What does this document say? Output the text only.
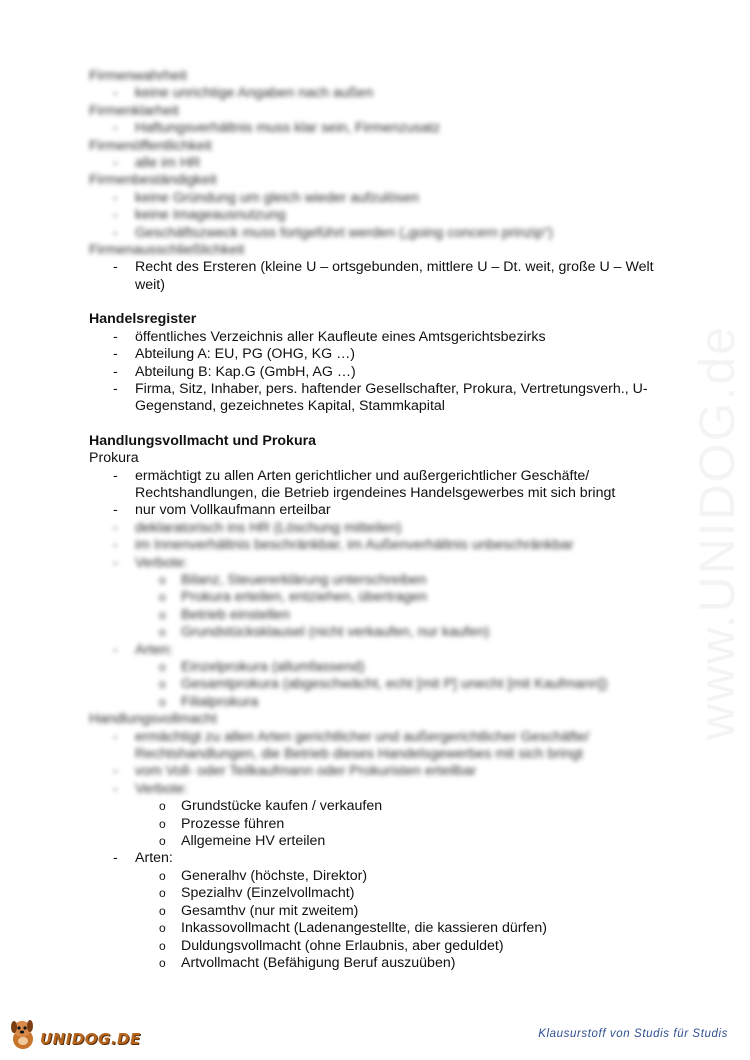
Firmenwahrheit
- keine unrichtige Angaben nach außen
Firmenklarheit
- Haftungsverhältnis muss klar sein, Firmenzusatz
Firmenöffentlichkeit
- alle im HR
Firmenbeständigkeit
- keine Gründung um gleich wieder aufzulösen
- keine Imageausnutzung
- Geschäftszweck muss fortgeführt werden („going concern prinzip“)
Firmenausschließlichkeit
- Recht des Ersteren (kleine U – ortsgebunden, mittlere U – Dt. weit, große U – Welt weit)
Handelsregister
- öffentliches Verzeichnis aller Kaufleute eines Amtsgerichtsbezirks
- Abteilung A: EU, PG (OHG, KG …)
- Abteilung B: Kap.G (GmbH, AG …)
- Firma, Sitz, Inhaber, pers. haftender Gesellschafter, Prokura, Vertretungsverh., U-Gegenstand, gezeichnetes Kapital, Stammkapital
Handlungsvollmacht und Prokura
Prokura
- ermächtigt zu allen Arten gerichtlicher und außergerichtlicher Geschäfte/ Rechtshandlungen, die Betrieb irgendeines Handelsgewerbes mit sich bringt
- nur vom Vollkaufmann erteilbar
- deklaratorisch ins HR (Löschung mitteilen)
- im Innenverhältnis beschränkbar, im Außenverhältnis unbeschränkbar
- Verbote:
o Bilanz, Steuererklärung unterschreiben
o Prokura erteilen, entziehen, übertragen
o Betrieb einstellen
o Grundstücksklausel (nicht verkaufen, nur kaufen)
- Arten:
o Einzelprokura (allumfassend)
o Gesamtprokura (abgeschwächt, echt [mit P] unecht [mit Kaufmann])
o Filialprokura
Handlungsvollmacht
- ermächtigt zu allen Arten gerichtlicher und außergerichtlicher Geschäfte/ Rechtshandlungen, die Betrieb dieses Handelsgewerbes mit sich bringt
- vom Voll- oder Teilkaufmann oder Prokuristen erteilbar
- Verbote:
o Grundstücke kaufen / verkaufen
o Prozesse führen
o Allgemeine HV erteilen
- Arten:
o Generalhv (höchste, Direktor)
o Spezialhv (Einzelvollmacht)
o Gesamthv (nur mit zweitem)
o Inkassovollmacht (Ladenangestellte, die kassieren dürfen)
o Duldungsvollmacht (ohne Erlaubnis, aber geduldet)
o Artvollmacht (Befähigung Beruf auszuüben)
UNIDOG.DE	Klausurstoff von Studis für Studis
